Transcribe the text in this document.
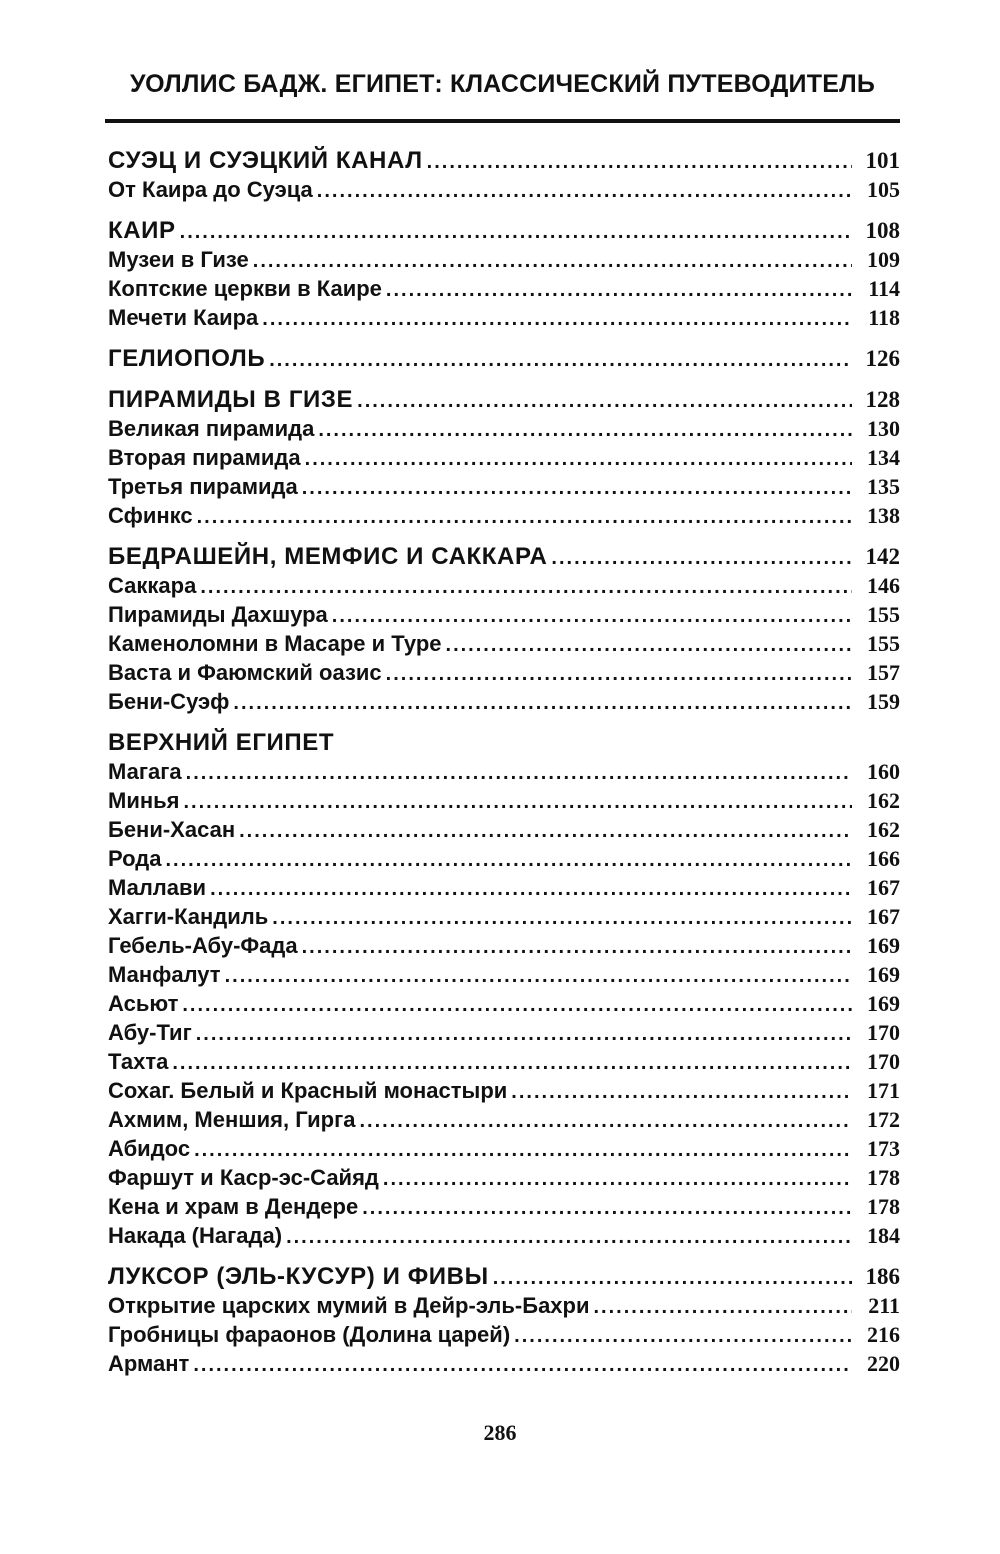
УОЛЛИС БАДЖ. ЕГИПЕТ: КЛАССИЧЕСКИЙ ПУТЕВОДИТЕЛЬ
СУЭЦ И СУЭЦКИЙ КАНАЛ .....	101
От Каира до Суэца .....	105
КАИР .....	108
Музеи в Гизе .....	109
Коптские церкви в Каире .....	114
Мечети Каира .....	118
ГЕЛИОПОЛЬ .....	126
ПИРАМИДЫ В ГИЗЕ .....	128
Великая пирамида .....	130
Вторая пирамида .....	134
Третья пирамида .....	135
Сфинкс .....	138
БЕДРАШЕЙН, МЕМФИС И САККАРА .....	142
Саккара .....	146
Пирамиды Дахшура .....	155
Каменоломни в Масаре и Туре .....	155
Васта и Фаюмский оазис .....	157
Бени-Суэф .....	159
ВЕРХНИЙ ЕГИПЕТ
Магага .....	160
Минья .....	162
Бени-Хасан .....	162
Рода .....	166
Маллави .....	167
Хагги-Кандиль .....	167
Гебель-Абу-Фада .....	169
Манфалут .....	169
Асьют .....	169
Абу-Тиг .....	170
Тахта .....	170
Сохаг. Белый и Красный монастыри .....	171
Ахмим, Меншия, Гирга .....	172
Абидос .....	173
Фаршут и Каср-эс-Сайяд .....	178
Кена и храм в Дендере .....	178
Накада (Нагада) .....	184
ЛУКСОР (ЭЛЬ-КУСУР) И ФИВЫ .....	186
Открытие царских мумий в Дейр-эль-Бахри .....	211
Гробницы фараонов (Долина царей) .....	216
Армант .....	220
286
